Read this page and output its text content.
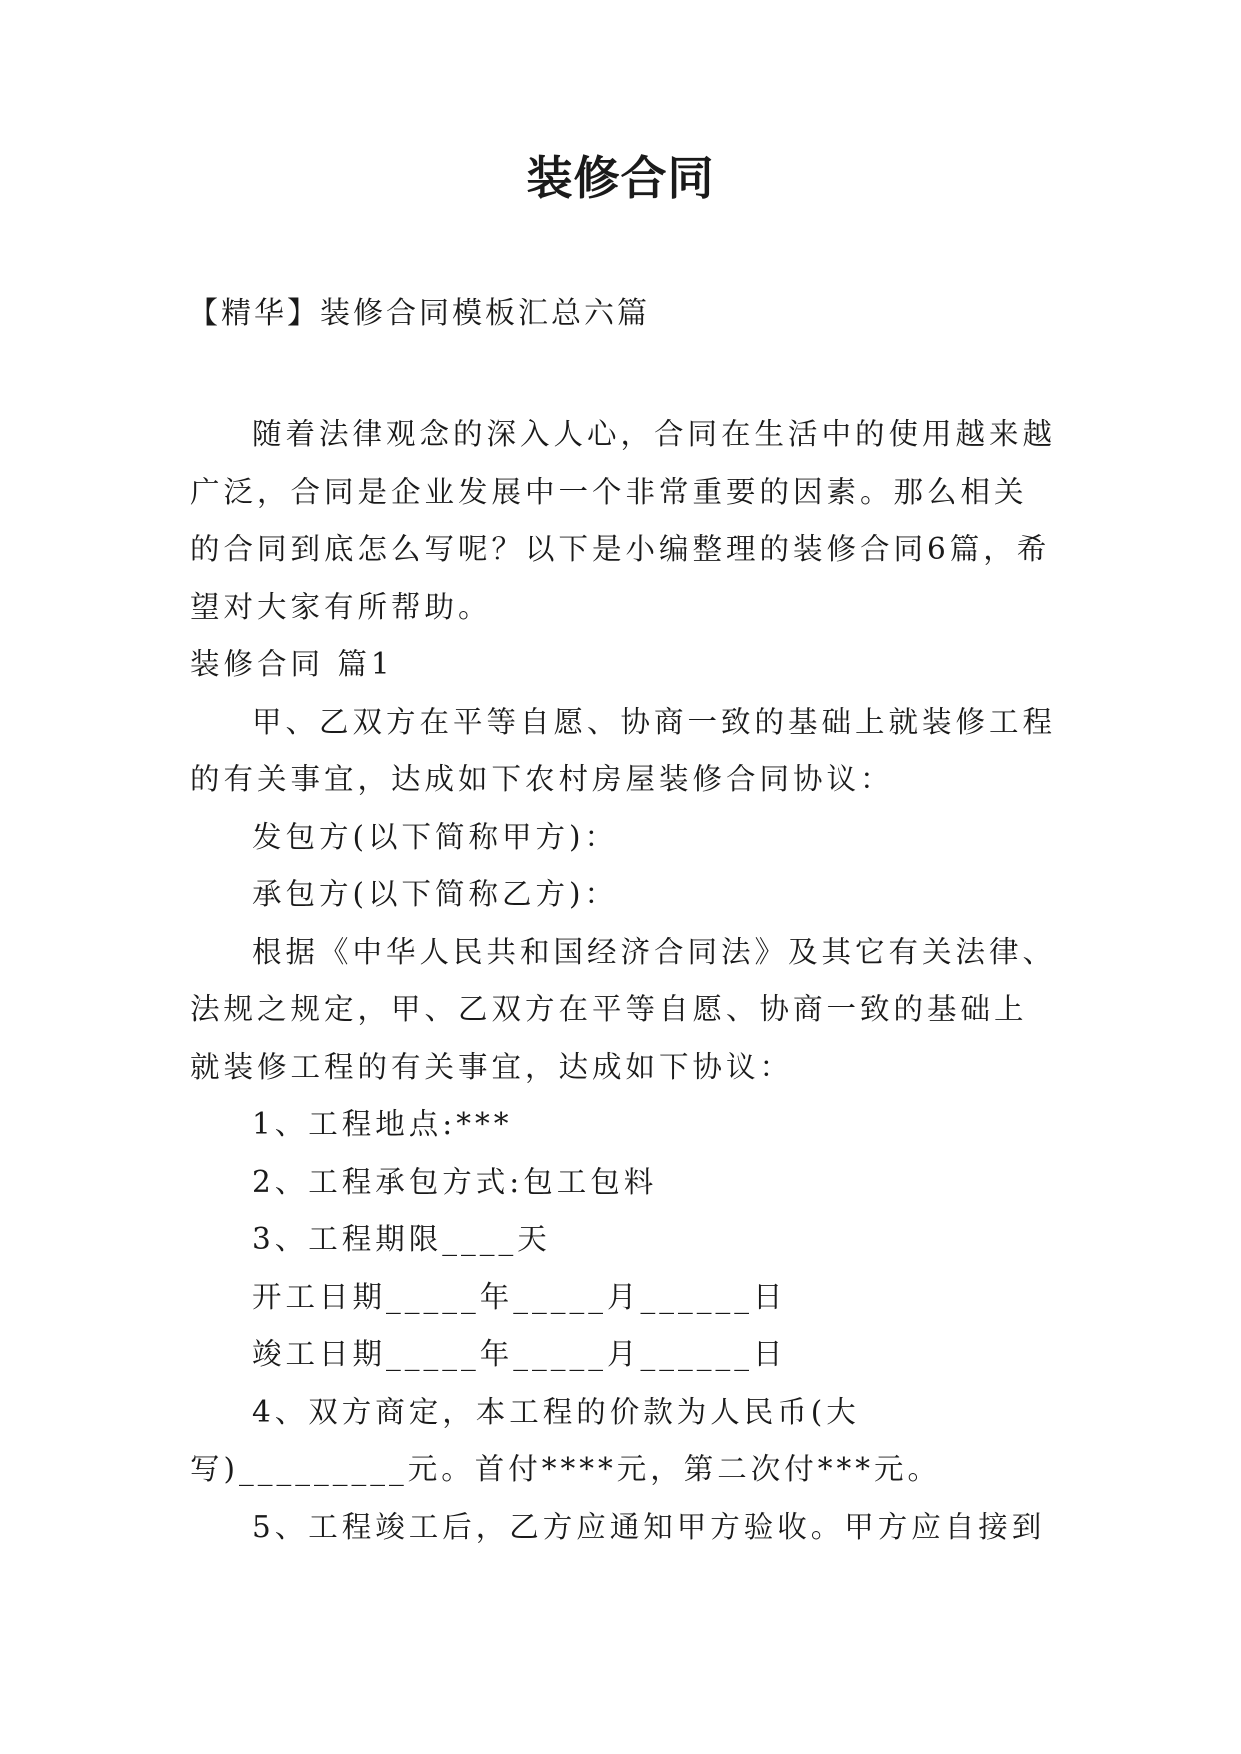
装修合同

【精华】装修合同模板汇总六篇

随着法律观念的深入人心，合同在生活中的使用越来越广泛，合同是企业发展中一个非常重要的因素。那么相关的合同到底怎么写呢？以下是小编整理的装修合同6篇，希望对大家有所帮助。

装修合同 篇1

甲、乙双方在平等自愿、协商一致的基础上就装修工程的有关事宜，达成如下农村房屋装修合同协议：

发包方(以下简称甲方)：

承包方(以下简称乙方)：

根据《中华人民共和国经济合同法》及其它有关法律、法规之规定，甲、乙双方在平等自愿、协商一致的基础上就装修工程的有关事宜，达成如下协议：

1、工程地点:***

2、工程承包方式:包工包料

3、工程期限____天

开工日期_____年_____月______日

竣工日期_____年_____月______日

4、双方商定，本工程的价款为人民币(大写)_________元。首付****元，第二次付***元。

5、工程竣工后，乙方应通知甲方验收。甲方应自接到
